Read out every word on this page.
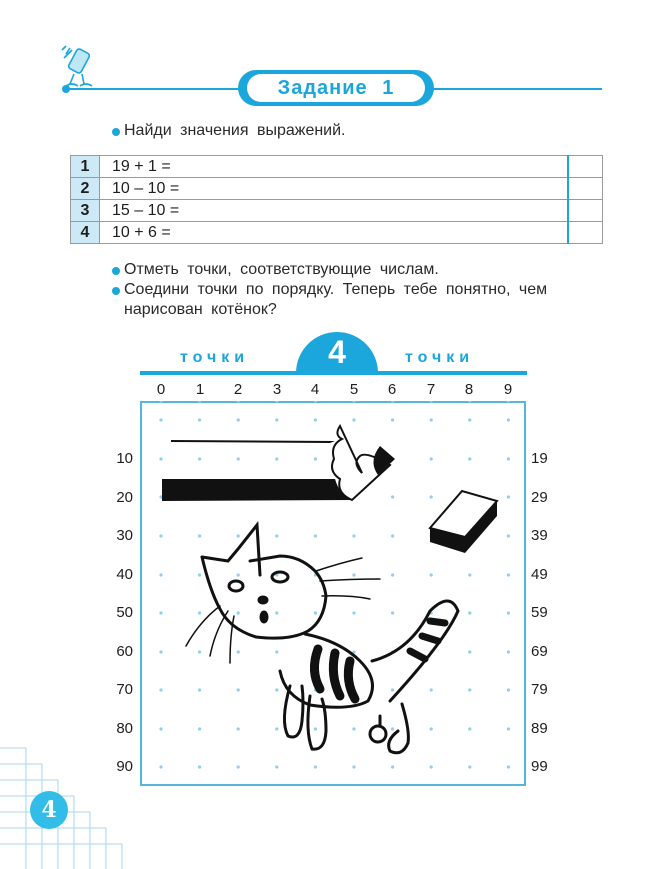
Задание 1
Найди значения выражений.
1	19 + 1 =	
2	10 – 10 =	
3	15 – 10 =	
4	10 + 6 =	
Отметь точки, соответствующие числам.
Соедини точки по порядку. Теперь тебе понятно, чем
нарисован котёнок?
4
точки	точки
0	1	2	3	4	5	6	7	8	9
10
20
30
40
50
60
70
80
90
19
29
39
49
59
69
79
89
99
4
